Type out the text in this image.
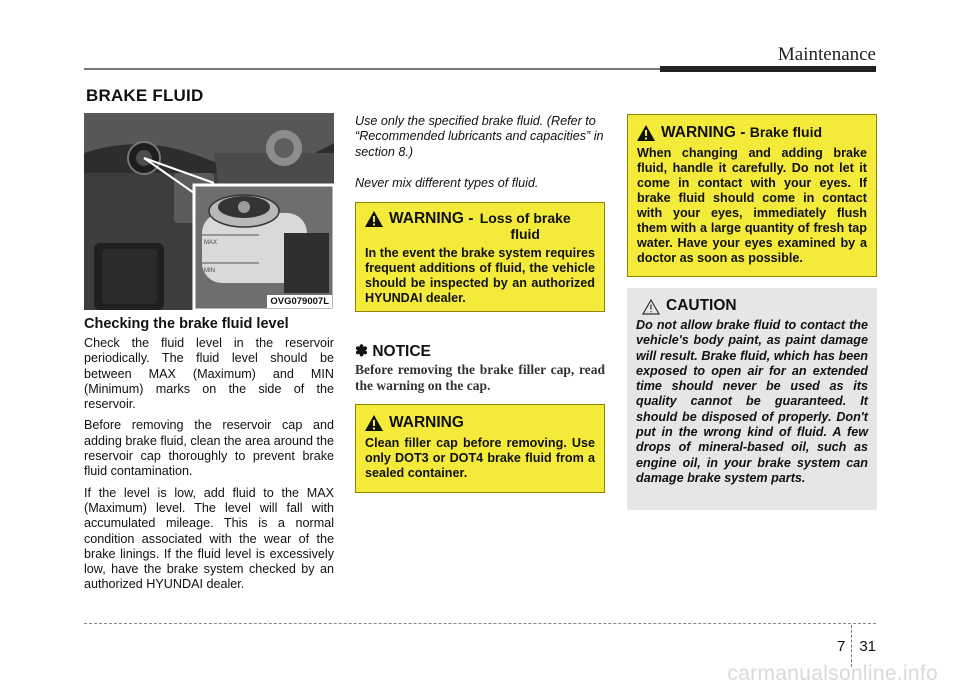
Maintenance
BRAKE FLUID
MAX
MIN
OVG079007L
Checking the brake fluid level

Check the fluid level in the reservoir periodically. The fluid level should be between MAX (Maximum) and MIN (Minimum) marks on the side of the reservoir.

Before removing the reservoir cap and adding brake fluid, clean the area around the reservoir cap thoroughly to prevent brake fluid contamination.

If the level is low, add fluid to the MAX (Maximum) level. The level will fall with accumulated mileage. This is a normal condition associated with the wear of the brake linings. If the fluid level is excessively low, have the brake system checked by an authorized HYUNDAI dealer.

Use only the specified brake fluid. (Refer to “Recommended lubricants and capacities” in section 8.)
Never mix different types of fluid.
WARNING -
Loss of brake fluid
In the event the brake system requires frequent additions of fluid, the vehicle should be inspected by an authorized HYUNDAI dealer.
✽ NOTICE
Before removing the brake filler cap, read the warning on the cap.
WARNING
Clean filler cap before removing. Use only DOT3 or DOT4 brake fluid from a sealed container.
WARNING -
Brake fluid
When changing and adding brake fluid, handle it carefully. Do not let it come in contact with your eyes. If brake fluid should come in contact with your eyes, immediately flush them with a large quantity of fresh tap water. Have your eyes examined by a doctor as soon as possible.
CAUTION
Do not allow brake fluid to contact the vehicle's body paint, as paint damage will result. Brake fluid, which has been exposed to open air for an extended time should never be used as its quality cannot be guaranteed. It should be disposed of properly. Don't put in the wrong kind of fluid. A few drops of mineral-based oil, such as engine oil, in your brake system can damage brake system parts.
7 31
carmanualsonline.info
